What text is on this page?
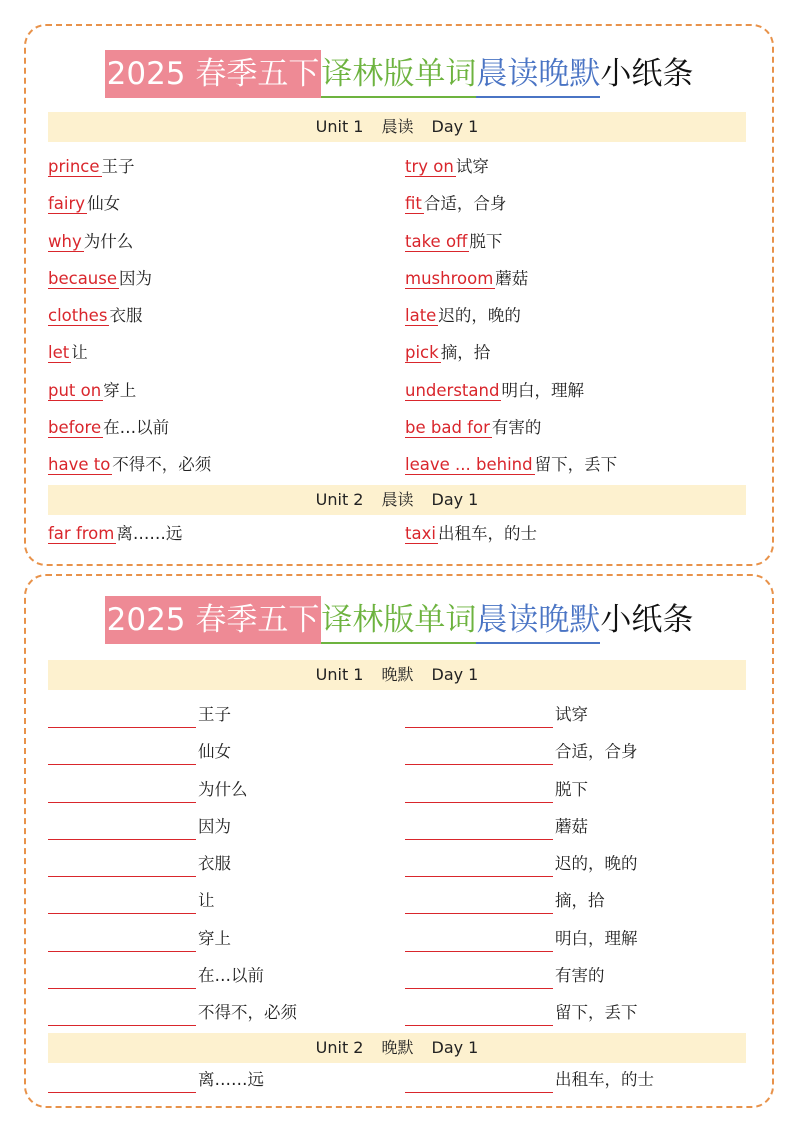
2025 春季五下译林版单词晨读晚默小纸条
Unit 1 晨读 Day 1
prince 王子
fairy 仙女
why 为什么
because 因为
clothes 衣服
let 让
put on 穿上
before 在…以前
have to 不得不，必须
try on 试穿
fit 合适，合身
take off 脱下
mushroom 蘑菇
late 迟的，晚的
pick 摘，拾
understand 明白，理解
be bad for 有害的
leave ... behind 留下，丢下
Unit 2 晨读 Day 1
far from 离……远	taxi 出租车，的士
2025 春季五下译林版单词晨读晚默小纸条
Unit 1 晚默 Day 1
王子
仙女
为什么
因为
衣服
让
穿上
在…以前
不得不，必须
试穿
合适，合身
脱下
蘑菇
迟的，晚的
摘，拾
明白，理解
有害的
留下，丢下
Unit 2 晚默 Day 1
离……远	出租车，的士
